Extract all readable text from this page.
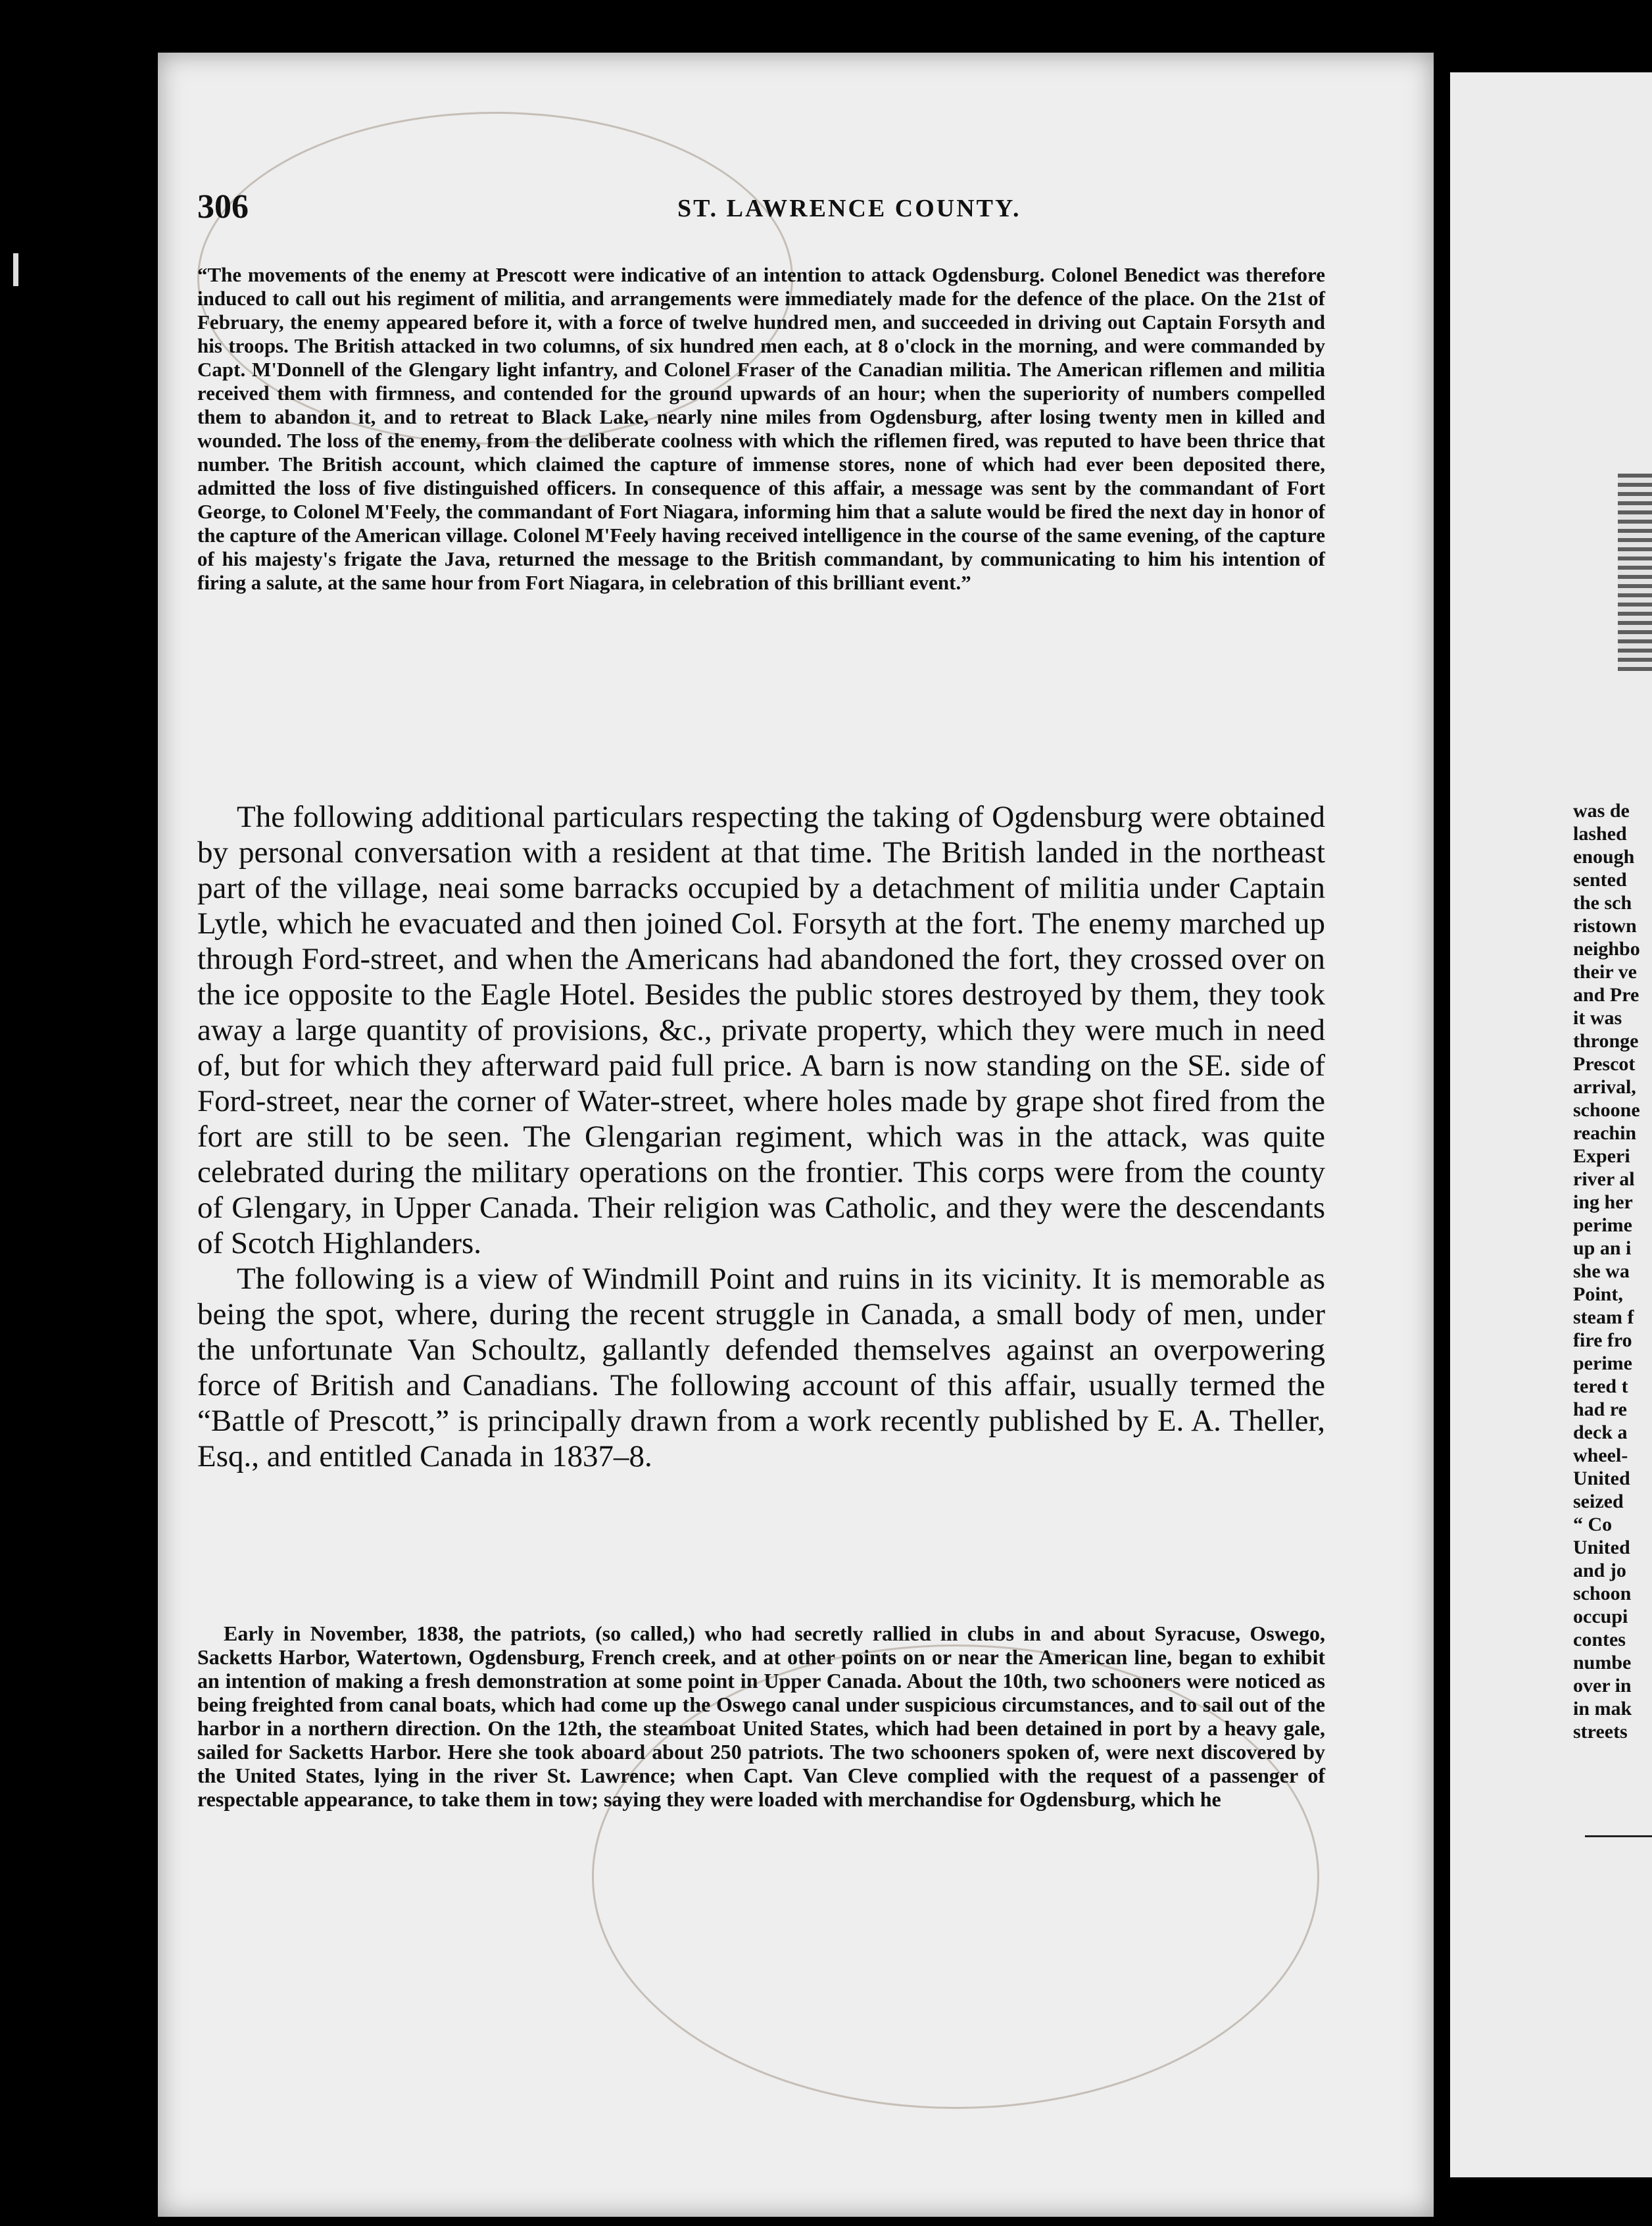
306	ST. LAWRENCE COUNTY.
“The movements of the enemy at Prescott were indicative of an intention to attack Ogdensburg. Colonel Benedict was therefore induced to call out his regiment of militia, and arrangements were immediately made for the defence of the place. On the 21st of February, the enemy appeared before it, with a force of twelve hundred men, and succeeded in driving out Captain Forsyth and his troops. The British attacked in two columns, of six hundred men each, at 8 o'clock in the morning, and were commanded by Capt. M'Donnell of the Glengary light infantry, and Colonel Fraser of the Canadian militia. The American riflemen and militia received them with firmness, and contended for the ground upwards of an hour; when the superiority of numbers compelled them to abandon it, and to retreat to Black Lake, nearly nine miles from Ogdensburg, after losing twenty men in killed and wounded. The loss of the enemy, from the deliberate coolness with which the riflemen fired, was reputed to have been thrice that number. The British account, which claimed the capture of immense stores, none of which had ever been deposited there, admitted the loss of five distinguished officers. In consequence of this affair, a message was sent by the commandant of Fort George, to Colonel M'Feely, the commandant of Fort Niagara, informing him that a salute would be fired the next day in honor of the capture of the American village. Colonel M'Feely having received intelligence in the course of the same evening, of the capture of his majesty's frigate the Java, returned the message to the British commandant, by communicating to him his intention of firing a salute, at the same hour from Fort Niagara, in celebration of this brilliant event.”

The following additional particulars respecting the taking of Ogdensburg were obtained by personal conversation with a resident at that time. The British landed in the northeast part of the village, neai some barracks occupied by a detachment of militia under Captain Lytle, which he evacuated and then joined Col. Forsyth at the fort. The enemy marched up through Ford-street, and when the Americans had abandoned the fort, they crossed over on the ice opposite to the Eagle Hotel. Besides the public stores destroyed by them, they took away a large quantity of provisions, &c., private property, which they were much in need of, but for which they afterward paid full price. A barn is now standing on the SE. side of Ford-street, near the corner of Water-street, where holes made by grape shot fired from the fort are still to be seen. The Glengarian regiment, which was in the attack, was quite celebrated during the military operations on the frontier. This corps were from the county of Glengary, in Upper Canada. Their religion was Catholic, and they were the descendants of Scotch Highlanders.

The following is a view of Windmill Point and ruins in its vicinity. It is memorable as being the spot, where, during the recent struggle in Canada, a small body of men, under the unfortunate Van Schoultz, gallantly defended themselves against an overpowering force of British and Canadians. The following account of this affair, usually termed the “Battle of Prescott,” is principally drawn from a work recently published by E. A. Theller, Esq., and entitled Canada in 1837–8.

Early in November, 1838, the patriots, (so called,) who had secretly rallied in clubs in and about Syracuse, Oswego, Sacketts Harbor, Watertown, Ogdensburg, French creek, and at other points on or near the American line, began to exhibit an intention of making a fresh demonstration at some point in Upper Canada. About the 10th, two schooners were noticed as being freighted from canal boats, which had come up the Oswego canal under suspicious circumstances, and to sail out of the harbor in a northern direction. On the 12th, the steamboat United States, which had been detained in port by a heavy gale, sailed for Sacketts Harbor. Here she took aboard about 250 patriots. The two schooners spoken of, were next discovered by the United States, lying in the river St. Lawrence; when Capt. Van Cleve complied with the request of a passenger of respectable appearance, to take them in tow; saying they were loaded with merchandise for Ogdensburg, which he
was de
lashed
enough
sented
the sch
ristown
neighbo
their ve
and Pre
it was
thronge
Prescot
arrival,
schoone
reachin
Experi
river al
ing her
perime
up an i
she wa
Point,
steam f
fire fro
perime
tered t
had re
deck a
wheel-
United
seized
“ Co
United
and jo
schoon
occupi
contes
numbe
over in
in mak
streets
